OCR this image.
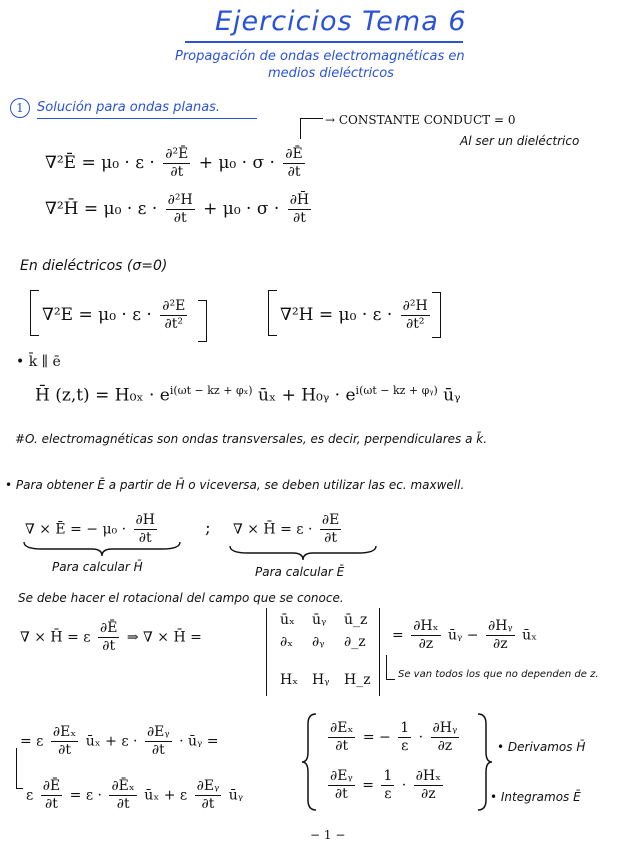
Ejercicios Tema 6
Propagación de ondas electromagnéticas en
medios dieléctricos
1	Solución para ondas planas.
→ CONSTANTE CONDUCT = 0
Al ser un dieléctrico
∇²Ē = $\mu_0 \cdot \varepsilon \cdot \frac{\text{∂²Ē}}{\partial t} + \mu_0 \cdot \sigma \cdot \frac{\partial Ē}{\partial t}$
∇²H̄ = $\mu_0 \cdot \varepsilon \cdot \frac{\text{∂²H}}{\partial t} + \mu_0 \cdot \sigma \cdot \frac{\partial H̄}{\partial t}$
En dieléctricos (σ=0)
$\nabla^2E = \mu_0 \cdot \varepsilon \cdot \frac{\text{∂²E}}{\text{∂t²}}$	$\nabla^2H = \mu_0 \cdot \varepsilon \cdot \frac{\text{∂²H}}{\text{∂t²}}$
• k̄ ∥ ē
H̄ $(z,t) = H_{0x} \cdot e^{i(\omega t - kz + \varphi_x)}$ ūₓ + H₀ᵧ · $e^{i(\omega t - kz + \varphi ᵧ)}$ ūᵧ
#O. electromagnéticas son ondas transversales, es decir, perpendiculares a k̄.
• Para obtener Ē a partir de H̄ o viceversa, se deben utilizar las ec. maxwell.
∇ × Ē = − $\mu_0 \cdot \frac{\partial H}{\partial t}$	; ∇ × H̄ = $\varepsilon \cdot \frac{\partial E}{\partial t}$
Para calcular H̄	Para calcular Ē
Se debe hacer el rotacional del campo que se conoce.
∇ × H̄ = ε $\frac{\partial Ē}{\partial t}$ ⇒ ∇ × H̄ =
ūₓ ūᵧ ū_z
∂ₓ ∂ᵧ ∂_z
Hₓ Hᵧ H_z
= $\frac{\text{∂Hₓ}}{\partial z}$ ūᵧ − $\frac{\text{∂Hᵧ}}{\partial z}$ ūₓ
Se van todos los que no dependen de z.
= ε $\frac{\text{∂Eₓ}}{\partial t}$ ūₓ + $\varepsilon \cdot \frac{\text{∂Eᵧ}}{\partial t}$ · ūᵧ =
ε $\frac{\partial Ē}{\partial t} = \varepsilon \cdot \frac{\text{∂Ēₓ}}{\partial t}$ ūₓ + ε $\frac{\text{∂Eᵧ}}{\partial t}$ ūᵧ
$\frac{\text{∂Eₓ}}{\partial t}$ = − $\frac{1}{\varepsilon} \cdot \frac{\text{∂Hᵧ}}{\partial z}$
$\frac{\text{∂Eᵧ}}{\partial t} = \frac{1}{\varepsilon} \cdot \frac{\text{∂Hₓ}}{\partial z}$
• Derivamos H̄
• Integramos Ē
− 1 −
